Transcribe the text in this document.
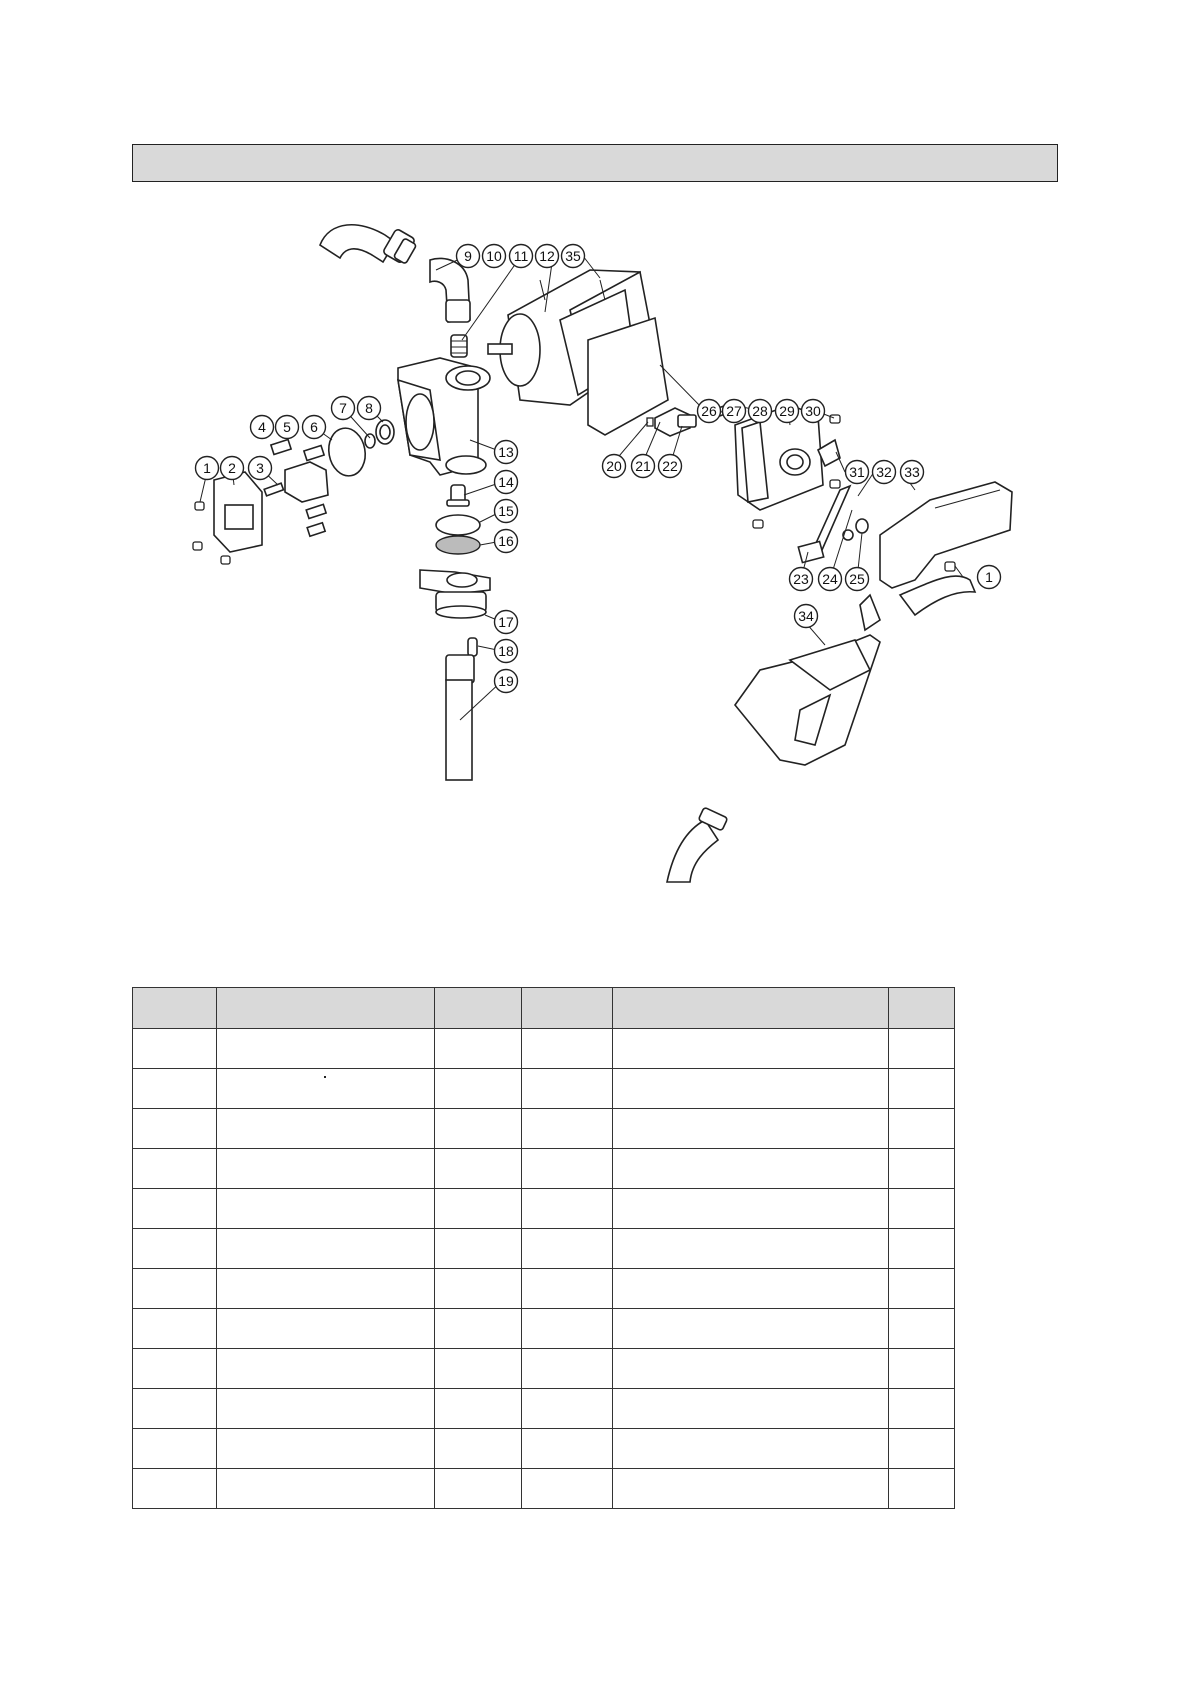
1 2 3
4 5 6
7 8
9 10 11 12
13
14
15
16
17
18
19
20 21 22
23 24 25
26 27 28 29 30
31 32 33
1
34
35
